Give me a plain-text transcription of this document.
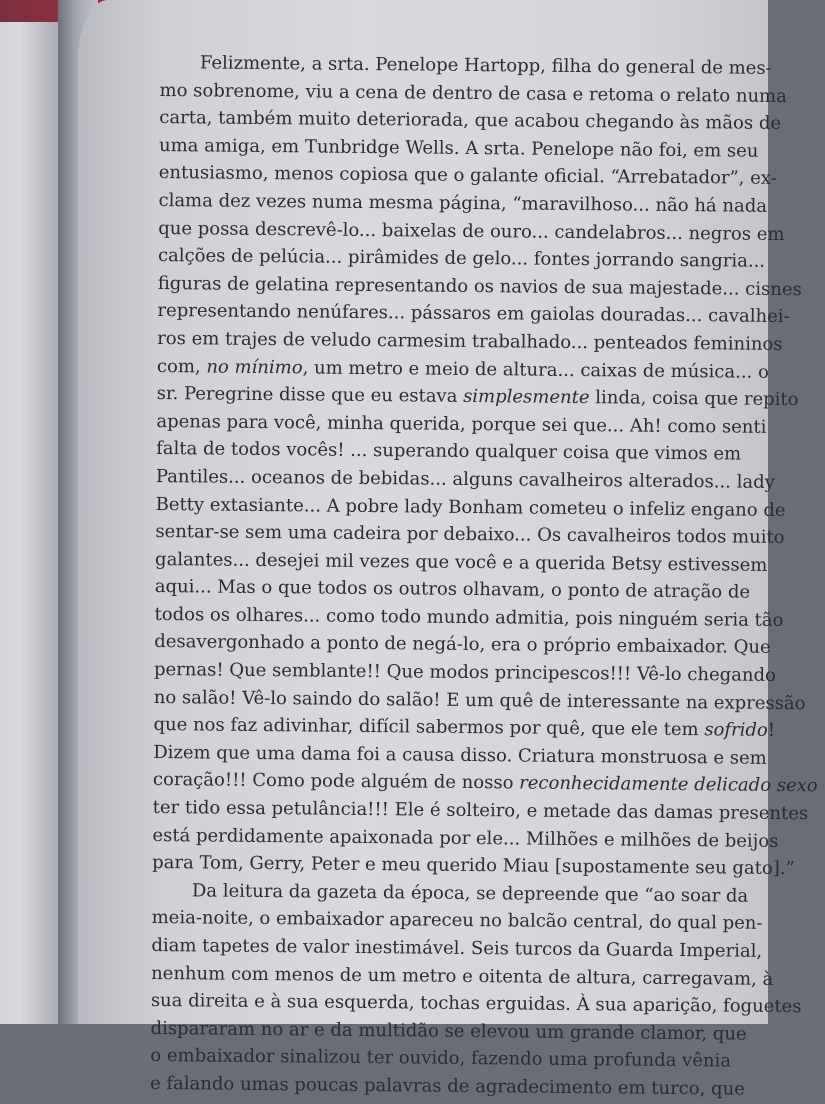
Felizmente, a srta. Penelope Hartopp, filha do general de mes-
mo sobrenome, viu a cena de dentro de casa e retoma o relato numa
carta, também muito deteriorada, que acabou chegando às mãos de
uma amiga, em Tunbridge Wells. A srta. Penelope não foi, em seu
entusiasmo, menos copiosa que o galante oficial. “Arrebatador”, ex-
clama dez vezes numa mesma página, “maravilhoso... não há nada
que possa descrevê-lo... baixelas de ouro... candelabros... negros em
calções de pelúcia... pirâmides de gelo... fontes jorrando sangria...
figuras de gelatina representando os navios de sua majestade... cisnes
representando nenúfares... pássaros em gaiolas douradas... cavalhei-
ros em trajes de veludo carmesim trabalhado... penteados femininos
com, no mínimo, um metro e meio de altura... caixas de música... o
sr. Peregrine disse que eu estava simplesmente linda, coisa que repito
apenas para você, minha querida, porque sei que... Ah! como senti
falta de todos vocês! ... superando qualquer coisa que vimos em
Pantiles... oceanos de bebidas... alguns cavalheiros alterados... lady
Betty extasiante... A pobre lady Bonham cometeu o infeliz engano de
sentar-se sem uma cadeira por debaixo... Os cavalheiros todos muito
galantes... desejei mil vezes que você e a querida Betsy estivessem
aqui... Mas o que todos os outros olhavam, o ponto de atração de
todos os olhares... como todo mundo admitia, pois ninguém seria tão
desavergonhado a ponto de negá-lo, era o próprio embaixador. Que
pernas! Que semblante!! Que modos principescos!!! Vê-lo chegando
no salão! Vê-lo saindo do salão! E um quê de interessante na expressão
que nos faz adivinhar, difícil sabermos por quê, que ele tem sofrido!
Dizem que uma dama foi a causa disso. Criatura monstruosa e sem
coração!!! Como pode alguém de nosso reconhecidamente delicado sexo
ter tido essa petulância!!! Ele é solteiro, e metade das damas presentes
está perdidamente apaixonada por ele... Milhões e milhões de beijos
para Tom, Gerry, Peter e meu querido Miau [supostamente seu gato].”
Da leitura da gazeta da época, se depreende que “ao soar da
meia-noite, o embaixador apareceu no balcão central, do qual pen-
diam tapetes de valor inestimável. Seis turcos da Guarda Imperial,
nenhum com menos de um metro e oitenta de altura, carregavam, à
sua direita e à sua esquerda, tochas erguidas. À sua aparição, foguetes
dispararam no ar e da multidão se elevou um grande clamor, que
o embaixador sinalizou ter ouvido, fazendo uma profunda vênia
e falando umas poucas palavras de agradecimento em turco, que
